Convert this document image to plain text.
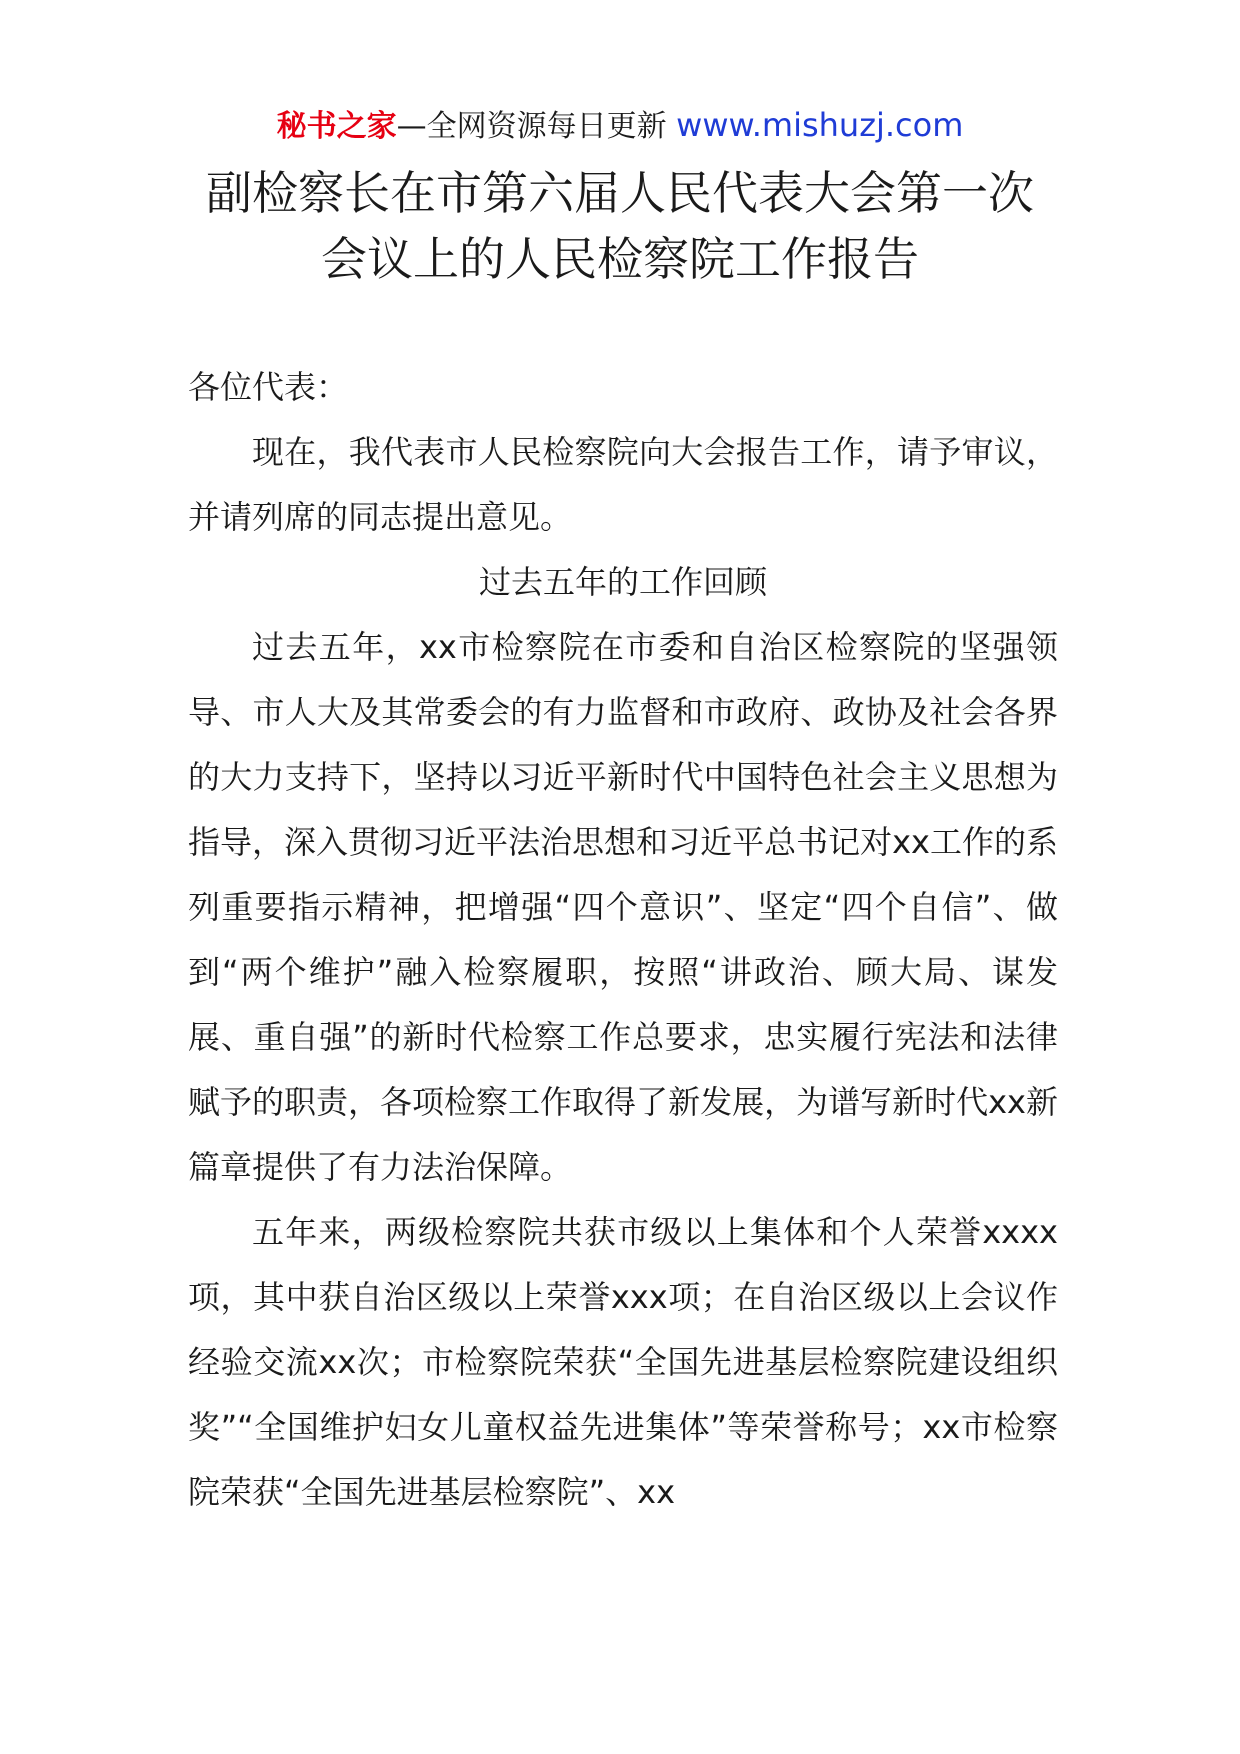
秘书之家—全网资源每日更新 www.mishuzj.com
副检察长在市第六届人民代表大会第一次
会议上的人民检察院工作报告

各位代表：

现在，我代表市人民检察院向大会报告工作，请予审议，并请列席的同志提出意见。

过去五年的工作回顾

过去五年，xx市检察院在市委和自治区检察院的坚强领导、市人大及其常委会的有力监督和市政府、政协及社会各界的大力支持下，坚持以习近平新时代中国特色社会主义思想为指导，深入贯彻习近平法治思想和习近平总书记对xx工作的系列重要指示精神，把增强“四个意识”、坚定“四个自信”、做到“两个维护”融入检察履职，按照“讲政治、顾大局、谋发展、重自强”的新时代检察工作总要求，忠实履行宪法和法律赋予的职责，各项检察工作取得了新发展，为谱写新时代xx新篇章提供了有力法治保障。

五年来，两级检察院共获市级以上集体和个人荣誉xxxx项，其中获自治区级以上荣誉xxx项；在自治区级以上会议作经验交流xx次；市检察院荣获“全国先进基层检察院建设组织奖”“全国维护妇女儿童权益先进集体”等荣誉称号；xx市检察院荣获“全国先进基层检察院”、xx
